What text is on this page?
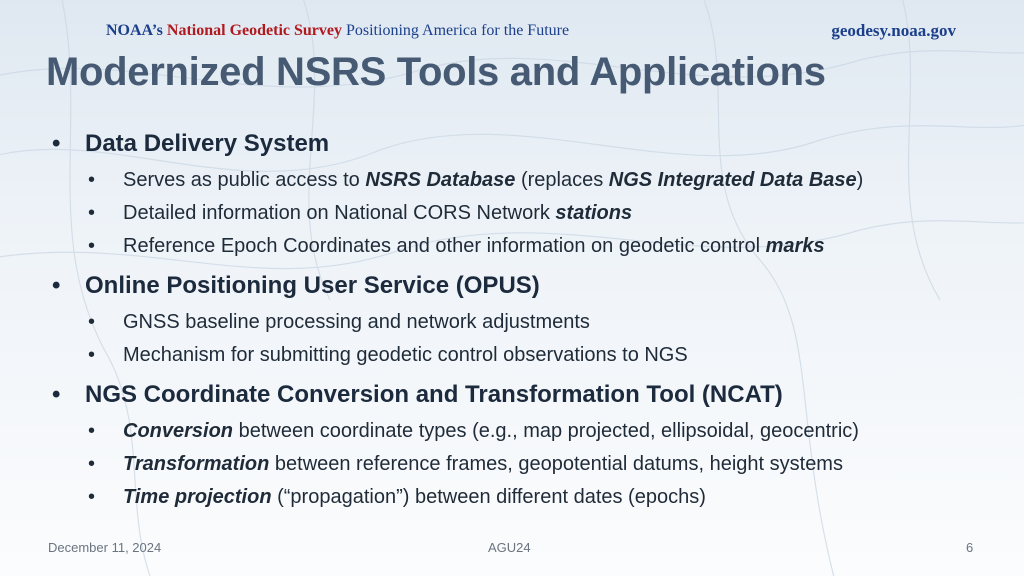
NOAA’s National Geodetic Survey Positioning America for the Future	geodesy.noaa.gov
Modernized NSRS Tools and Applications
• Data Delivery System
• Serves as public access to NSRS Database (replaces NGS Integrated Data Base)
• Detailed information on National CORS Network stations
• Reference Epoch Coordinates and other information on geodetic control marks
• Online Positioning User Service (OPUS)
• GNSS baseline processing and network adjustments
• Mechanism for submitting geodetic control observations to NGS
• NGS Coordinate Conversion and Transformation Tool (NCAT)
• Conversion between coordinate types (e.g., map projected, ellipsoidal, geocentric)
• Transformation between reference frames, geopotential datums, height systems
• Time projection (“propagation”) between different dates (epochs)
December 11, 2024	AGU24	6
